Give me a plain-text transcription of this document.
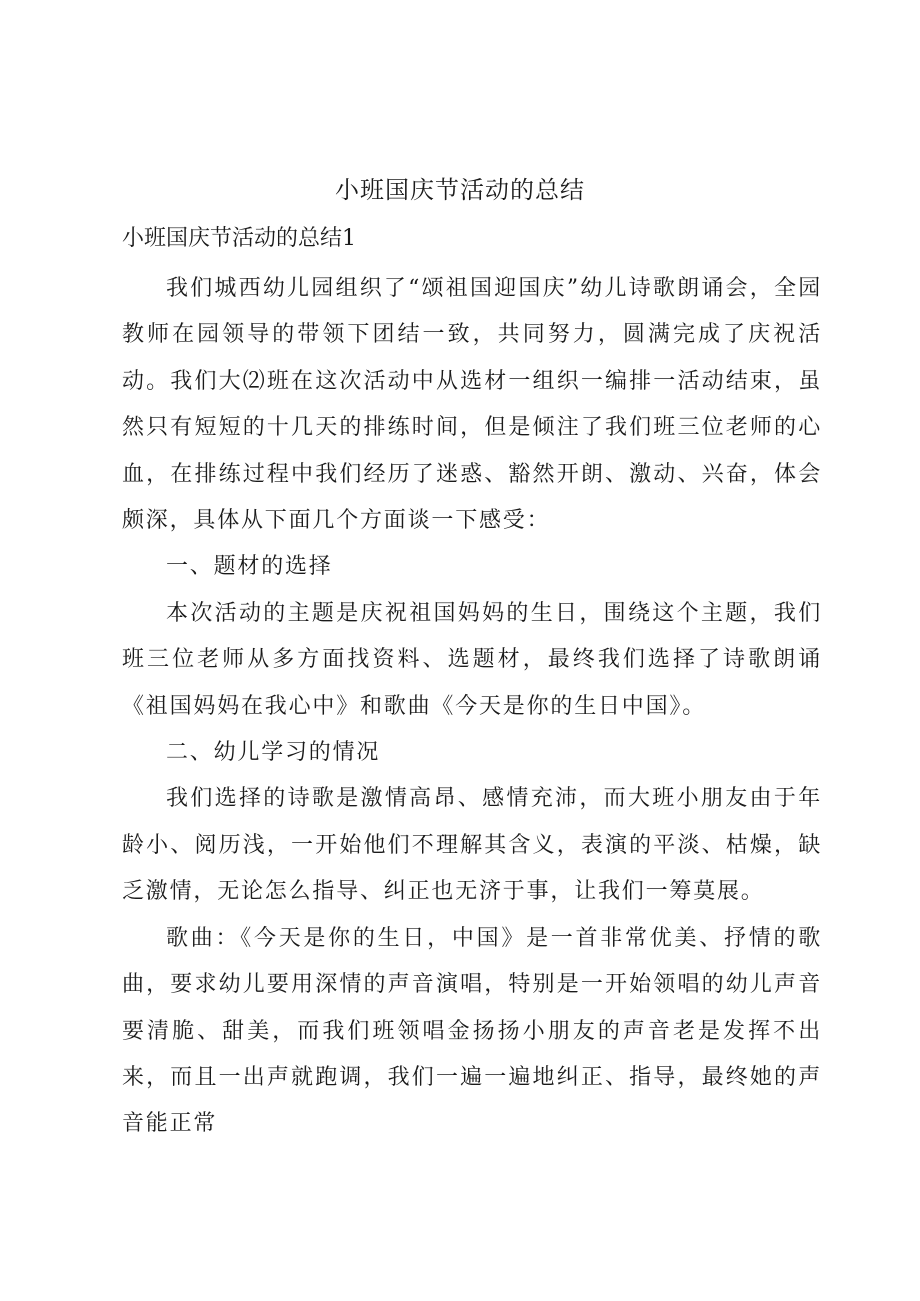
小班国庆节活动的总结
小班国庆节活动的总结1

我们城西幼儿园组织了“颂祖国迎国庆”幼儿诗歌朗诵会，全园教师在园领导的带领下团结一致，共同努力，圆满完成了庆祝活动。我们大⑵班在这次活动中从选材一组织一编排一活动结束，虽然只有短短的十几天的排练时间，但是倾注了我们班三位老师的心血，在排练过程中我们经历了迷惑、豁然开朗、激动、兴奋，体会颇深，具体从下面几个方面谈一下感受：

一、题材的选择

本次活动的主题是庆祝祖国妈妈的生日，围绕这个主题，我们班三位老师从多方面找资料、选题材，最终我们选择了诗歌朗诵《祖国妈妈在我心中》和歌曲《今天是你的生日中国》。

二、幼儿学习的情况

我们选择的诗歌是激情高昂、感情充沛，而大班小朋友由于年龄小、阅历浅，一开始他们不理解其含义，表演的平淡、枯燥，缺乏激情，无论怎么指导、纠正也无济于事，让我们一筹莫展。

歌曲：《今天是你的生日，中国》是一首非常优美、抒情的歌曲，要求幼儿要用深情的声音演唱，特别是一开始领唱的幼儿声音要清脆、甜美，而我们班领唱金扬扬小朋友的声音老是发挥不出来，而且一出声就跑调，我们一遍一遍地纠正、指导，最终她的声音能正常
